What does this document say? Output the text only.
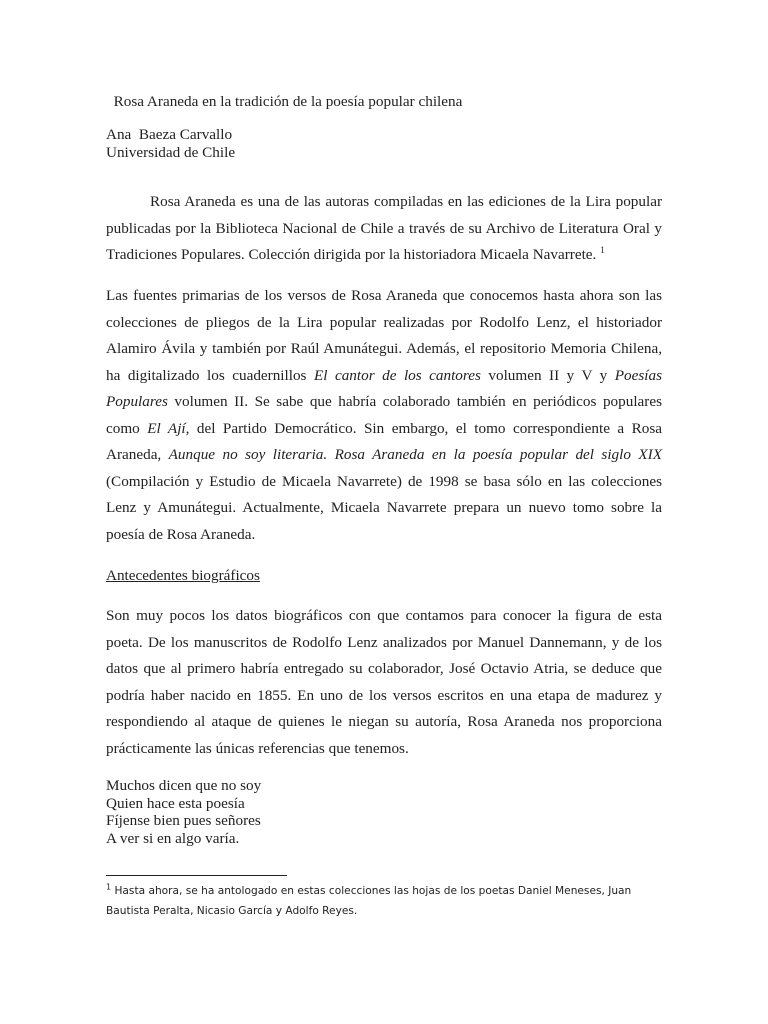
Rosa Araneda en la tradición de la poesía popular chilena
Ana  Baeza Carvallo
Universidad de Chile

Rosa Araneda es una de las autoras compiladas en las ediciones de la Lira popular publicadas por la Biblioteca Nacional de Chile a través de su Archivo de Literatura Oral y Tradiciones Populares. Colección dirigida por la historiadora Micaela Navarrete. $^1$

Las fuentes primarias de los versos de Rosa Araneda que conocemos hasta ahora son las colecciones de pliegos de la Lira popular realizadas por Rodolfo Lenz, el historiador Alamiro Ávila y también por Raúl Amunátegui. Además, el repositorio Memoria Chilena, ha digitalizado los cuadernillos El cantor de los cantores volumen II y V y Poesías Populares volumen II. Se sabe que habría colaborado también en periódicos populares como El Ají, del Partido Democrático. Sin embargo, el tomo correspondiente a Rosa Araneda, Aunque no soy literaria. Rosa Araneda en la poesía popular del siglo XIX (Compilación y Estudio de Micaela Navarrete) de 1998 se basa sólo en las colecciones Lenz y Amunátegui. Actualmente, Micaela Navarrete prepara un nuevo tomo sobre la poesía de Rosa Araneda.

Antecedentes biográficos

Son muy pocos los datos biográficos con que contamos para conocer la figura de esta poeta. De los manuscritos de Rodolfo Lenz analizados por Manuel Dannemann, y de los datos que al primero habría entregado su colaborador, José Octavio Atria, se deduce que podría haber nacido en 1855. En uno de los versos escritos en una etapa de madurez y respondiendo al ataque de quienes le niegan su autoría, Rosa Araneda nos proporciona prácticamente las únicas referencias que tenemos.

Muchos dicen que no soy
Quien hace esta poesía
Fíjense bien pues señores
A ver si en algo varía.
$^1$ Hasta ahora, se ha antologado en estas colecciones las hojas de los poetas Daniel Meneses, Juan Bautista Peralta, Nicasio García y Adolfo Reyes.
